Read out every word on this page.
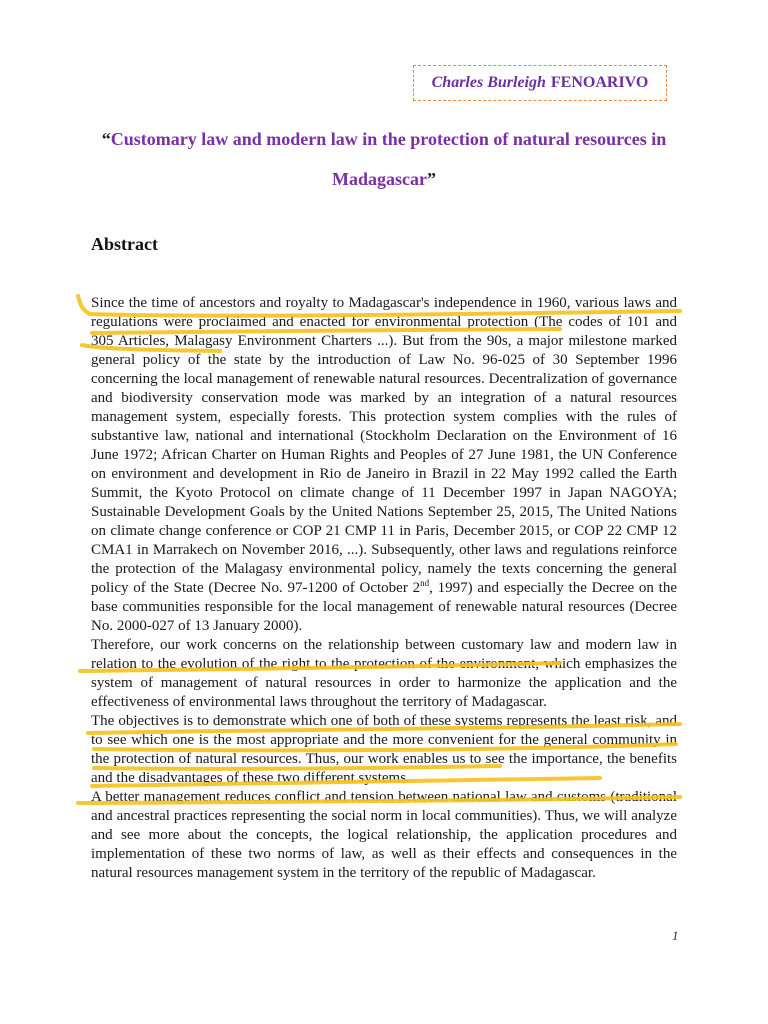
Charles Burleigh FENOARIVO
“Customary law and modern law in the protection of natural resources in
Madagascar”
Abstract

Since the time of ancestors and royalty to Madagascar's independence in 1960, various laws and regulations were proclaimed and enacted for environmental protection (The codes of 101 and 305 Articles, Malagasy Environment Charters ...). But from the 90s, a major milestone marked general policy of the state by the introduction of Law No. 96-025 of 30 September 1996 concerning the local management of renewable natural resources. Decentralization of governance and biodiversity conservation mode was marked by an integration of a natural resources management system, especially forests. This protection system complies with the rules of substantive law, national and international (Stockholm Declaration on the Environment of 16 June 1972; African Charter on Human Rights and Peoples of 27 June 1981, the UN Conference on environment and development in Rio de Janeiro in Brazil in 22 May 1992 called the Earth Summit, the Kyoto Protocol on climate change of 11 December 1997 in Japan NAGOYA; Sustainable Development Goals by the United Nations September 25, 2015, The United Nations on climate change conference or COP 21 CMP 11 in Paris, December 2015, or COP 22 CMP 12 CMA1 in Marrakech on November 2016, ...). Subsequently, other laws and regulations reinforce the protection of the Malagasy environmental policy, namely the texts concerning the general policy of the State (Decree No. 97-1200 of October 2nd, 1997) and especially the Decree on the base communities responsible for the local management of renewable natural resources (Decree No. 2000-027 of 13 January 2000).

Therefore, our work concerns on the relationship between customary law and modern law in relation to the evolution of the right to the protection of the environment, which emphasizes the system of management of natural resources in order to harmonize the application and the effectiveness of environmental laws throughout the territory of Madagascar.

The objectives is to demonstrate which one of both of these systems represents the least risk, and to see which one is the most appropriate and the more convenient for the general community in the protection of natural resources. Thus, our work enables us to see the importance, the benefits and the disadvantages of these two different systems.

A better management reduces conflict and tension between national law and customs (traditional and ancestral practices representing the social norm in local communities). Thus, we will analyze and see more about the concepts, the logical relationship, the application procedures and implementation of these two norms of law, as well as their effects and consequences in the natural resources management system in the territory of the republic of Madagascar.

1
